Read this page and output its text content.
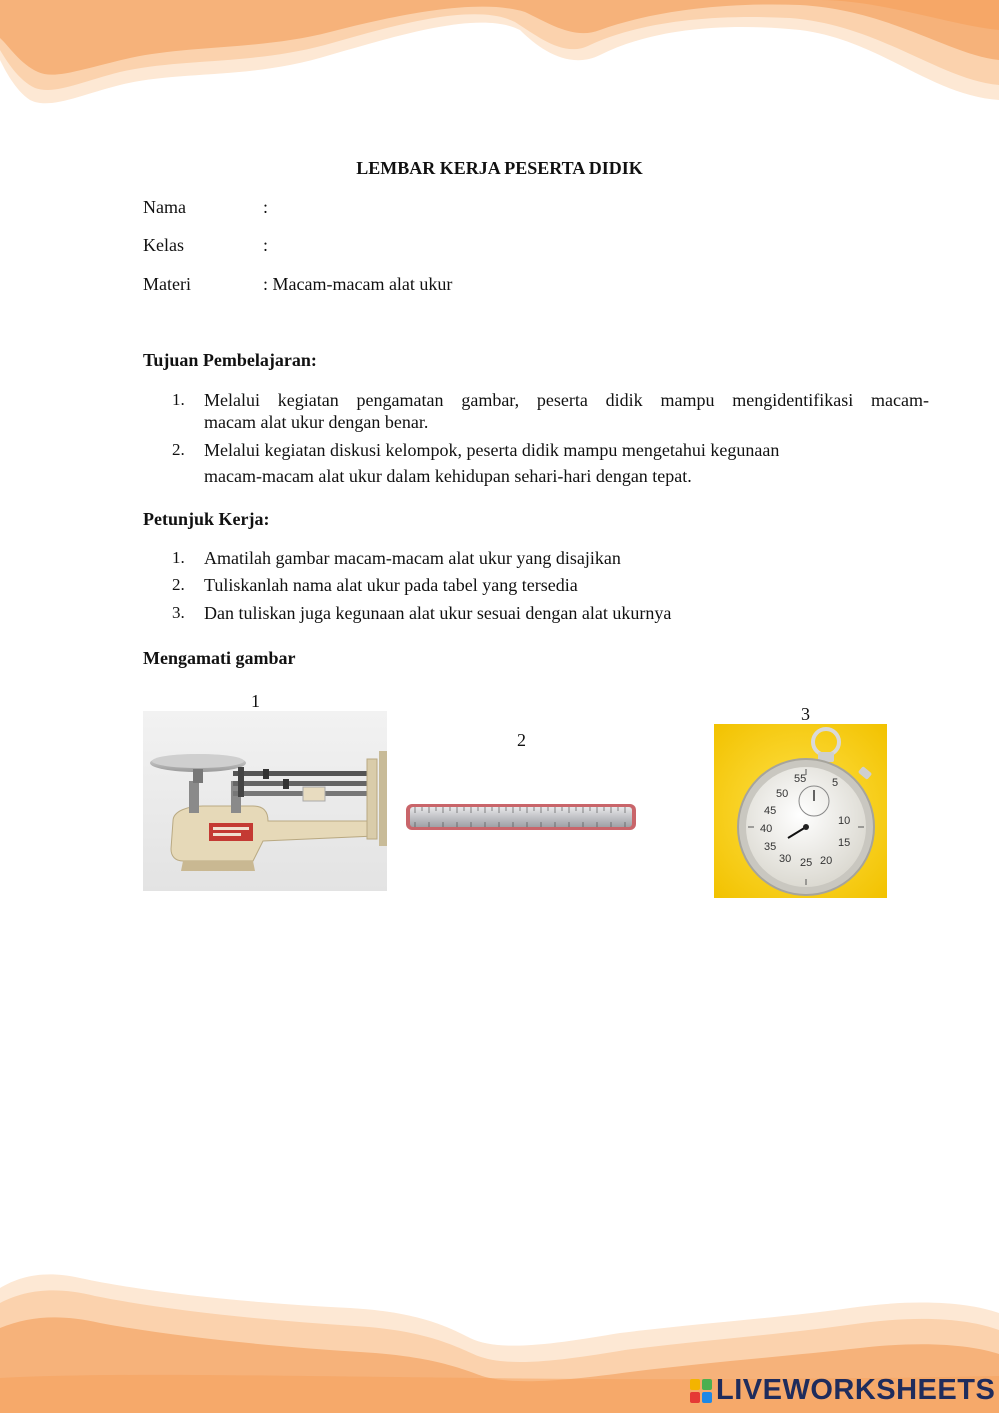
LEMBAR KERJA PESERTA DIDIK
Nama	:
Kelas	:
Materi	: Macam-macam alat ukur
Tujuan Pembelajaran:
1. Melalui kegiatan pengamatan gambar, peserta didik mampu mengidentifikasi macam-
macam alat ukur dengan benar.
2. Melalui kegiatan diskusi kelompok, peserta didik mampu mengetahui kegunaan
macam-macam alat ukur dalam kehidupan sehari-hari dengan tepat.
Petunjuk Kerja:
1. Amatilah gambar macam-macam alat ukur yang disajikan
2. Tuliskanlah nama alat ukur pada tabel yang tersedia
3. Dan tuliskan juga kegunaan alat ukur sesuai dengan alat ukurnya
Mengamati gambar
1
2
3
55 5
50
10
45
15
40
20
35
25
30
LIVEWORKSHEETS
